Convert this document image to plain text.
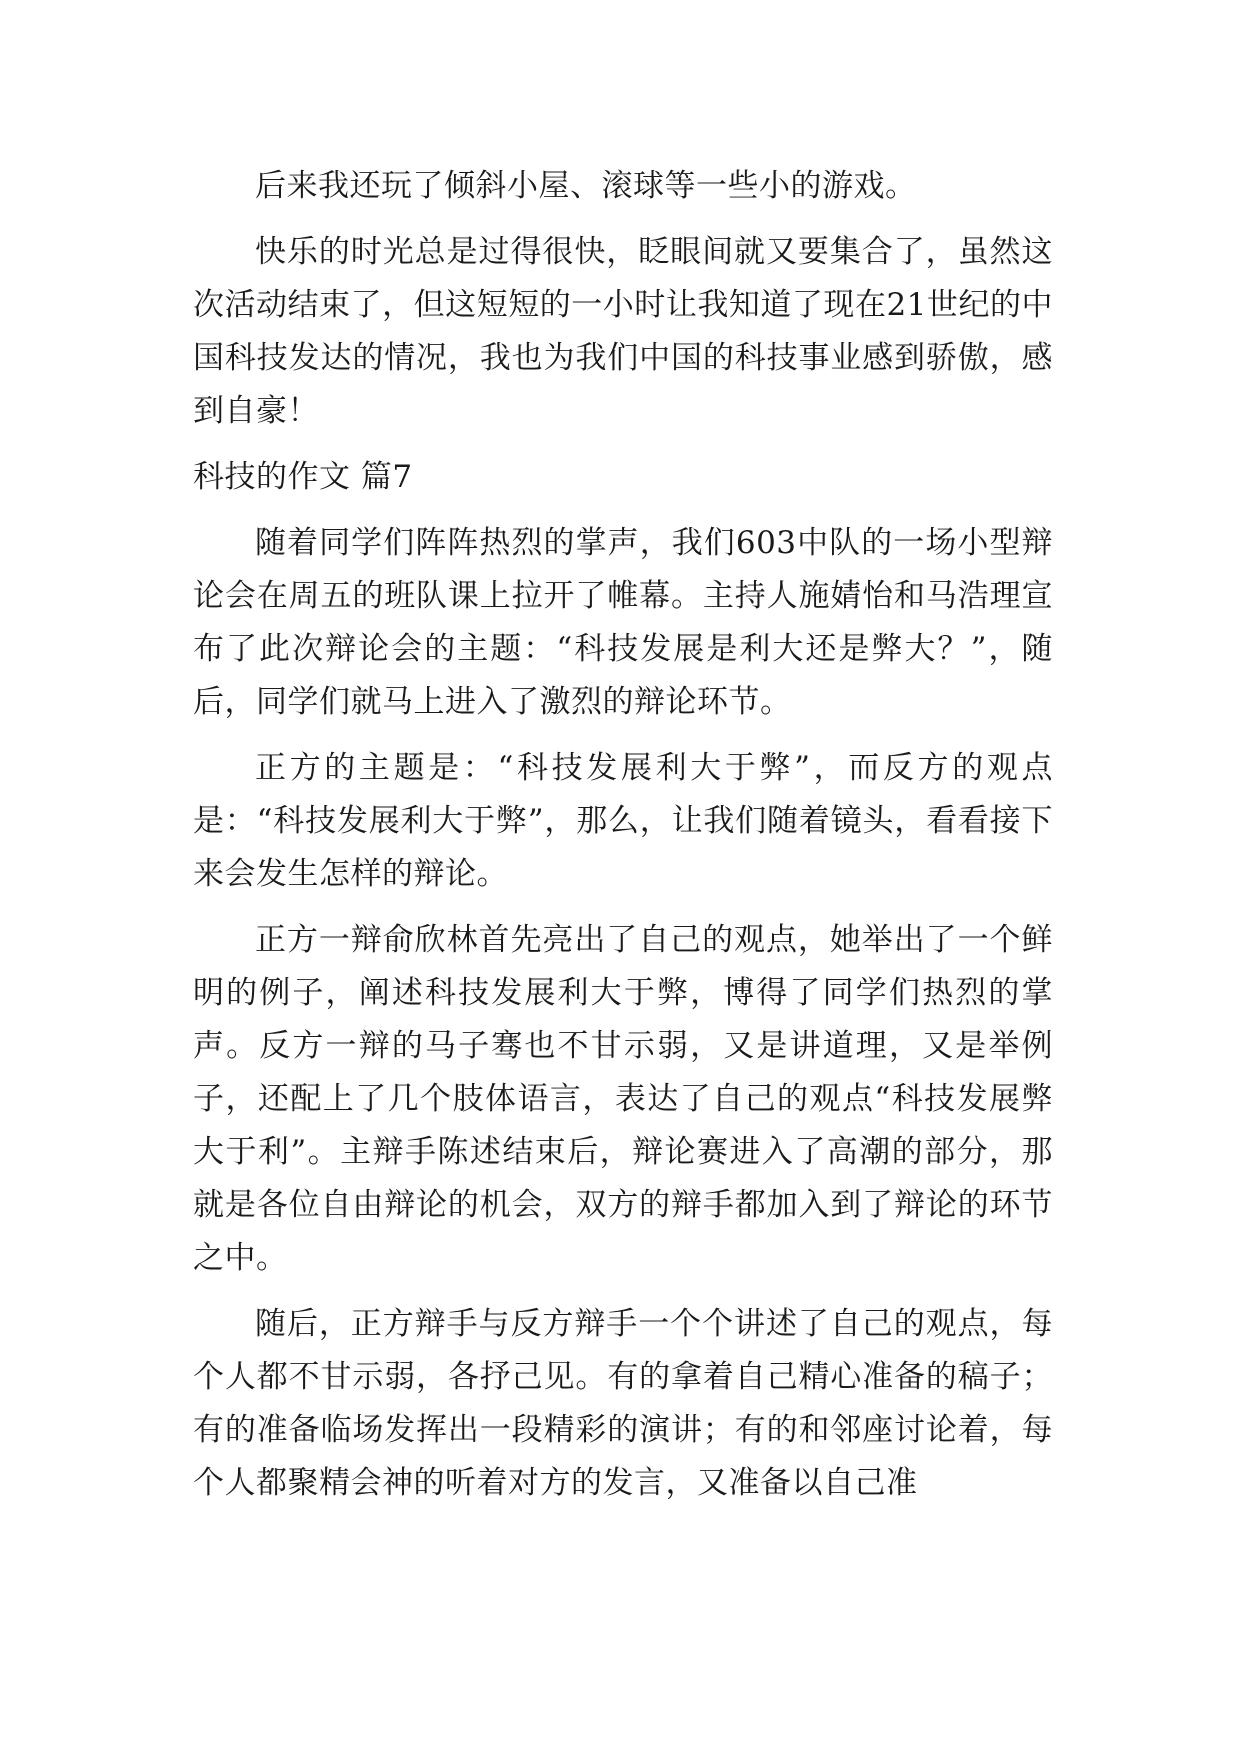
后来我还玩了倾斜小屋、滚球等一些小的游戏。

快乐的时光总是过得很快，眨眼间就又要集合了，虽然这次活动结束了，但这短短的一小时让我知道了现在21世纪的中国科技发达的情况，我也为我们中国的科技事业感到骄傲，感到自豪！

科技的作文 篇7

随着同学们阵阵热烈的掌声，我们603中队的一场小型辩论会在周五的班队课上拉开了帷幕。主持人施婧怡和马浩理宣布了此次辩论会的主题：“科技发展是利大还是弊大？”，随后，同学们就马上进入了激烈的辩论环节。

正方的主题是：“科技发展利大于弊”，而反方的观点是：“科技发展利大于弊”，那么，让我们随着镜头，看看接下来会发生怎样的辩论。

正方一辩俞欣林首先亮出了自己的观点，她举出了一个鲜明的例子，阐述科技发展利大于弊，博得了同学们热烈的掌声。反方一辩的马子骞也不甘示弱，又是讲道理，又是举例子，还配上了几个肢体语言，表达了自己的观点“科技发展弊大于利”。主辩手陈述结束后，辩论赛进入了高潮的部分，那就是各位自由辩论的机会，双方的辩手都加入到了辩论的环节之中。

随后，正方辩手与反方辩手一个个讲述了自己的观点，每个人都不甘示弱，各抒己见。有的拿着自己精心准备的稿子；有的准备临场发挥出一段精彩的演讲；有的和邻座讨论着，每个人都聚精会神的听着对方的发言，又准备以自己准
